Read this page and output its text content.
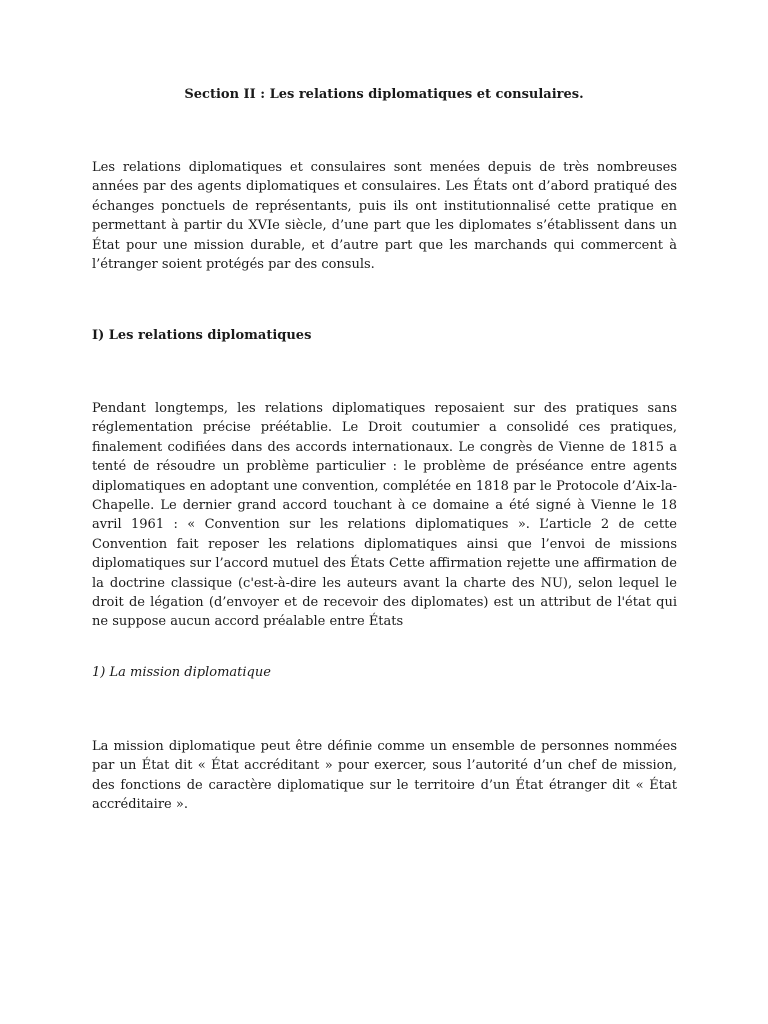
Section II : Les relations diplomatiques et consulaires.

Les relations diplomatiques et consulaires sont menées depuis de très nombreuses années par des agents diplomatiques et consulaires. Les États ont d’abord pratiqué des échanges ponctuels de représentants, puis ils ont institutionnalisé cette pratique en permettant à partir du XVIe siècle, d’une part que les diplomates s’établissent dans un État pour une mission durable, et d’autre part que les marchands qui commercent à l’étranger soient protégés par des consuls.

I) Les relations diplomatiques

Pendant longtemps, les relations diplomatiques reposaient sur des pratiques sans réglementation précise préétablie. Le Droit coutumier a consolidé ces pratiques, finalement codifiées dans des accords internationaux. Le congrès de Vienne de 1815 a tenté de résoudre un problème particulier : le problème de préséance entre agents diplomatiques en adoptant une convention, complétée en 1818 par le Protocole d’Aix-la-Chapelle. Le dernier grand accord touchant à ce domaine a été signé à Vienne le 18 avril 1961 : « Convention sur les relations diplomatiques ». L’article 2 de cette Convention fait reposer les relations diplomatiques ainsi que l’envoi de missions diplomatiques sur l’accord mutuel des États Cette affirmation rejette une affirmation de la doctrine classique (c'est-à-dire les auteurs avant la charte des NU), selon lequel le droit de légation (d’envoyer et de recevoir des diplomates) est un attribut de l'état qui ne suppose aucun accord préalable entre États

1) La mission diplomatique

La mission diplomatique peut être définie comme un ensemble de personnes nommées par un État dit « État accréditant » pour exercer, sous l’autorité d’un chef de mission, des fonctions de caractère diplomatique sur le territoire d’un État étranger dit « État accréditaire ».
